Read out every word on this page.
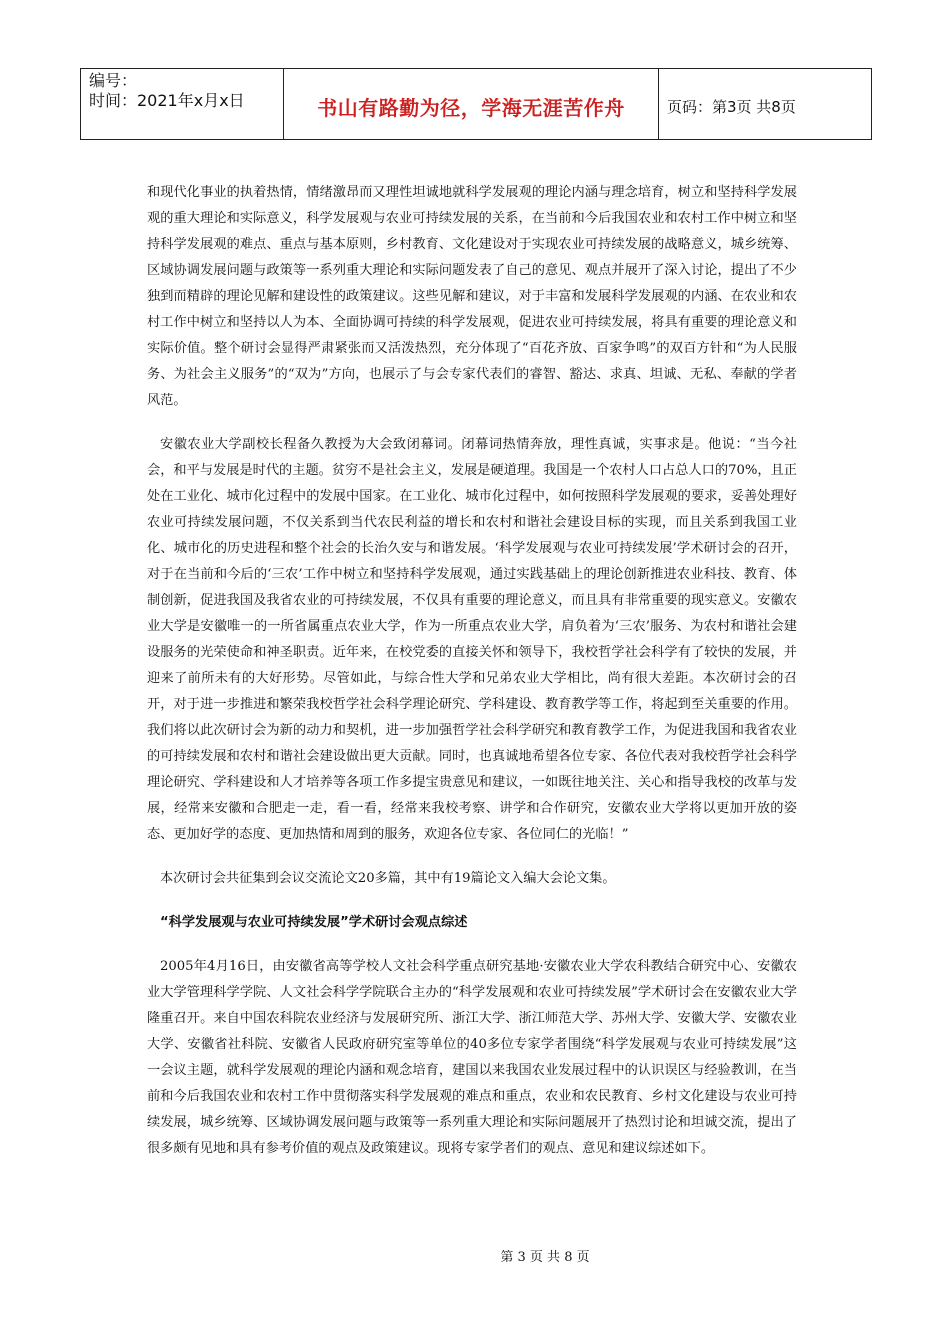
编号：
时间：2021年x月x日	书山有路勤为径，学海无涯苦作舟	页码：第3页 共8页

和现代化事业的执着热情，情绪激昂而又理性坦诚地就科学发展观的理论内涵与理念培育，树立和坚持科学发展观的重大理论和实际意义，科学发展观与农业可持续发展的关系，在当前和今后我国农业和农村工作中树立和坚持科学发展观的难点、重点与基本原则，乡村教育、文化建设对于实现农业可持续发展的战略意义，城乡统筹、区域协调发展问题与政策等一系列重大理论和实际问题发表了自己的意见、观点并展开了深入讨论，提出了不少独到而精辟的理论见解和建设性的政策建议。这些见解和建议，对于丰富和发展科学发展观的内涵、在农业和农村工作中树立和坚持以人为本、全面协调可持续的科学发展观，促进农业可持续发展，将具有重要的理论意义和实际价值。整个研讨会显得严肃紧张而又活泼热烈，充分体现了“百花齐放、百家争鸣”的双百方针和“为人民服务、为社会主义服务”的“双为”方向，也展示了与会专家代表们的睿智、豁达、求真、坦诚、无私、奉献的学者风范。

安徽农业大学副校长程备久教授为大会致闭幕词。闭幕词热情奔放，理性真诚，实事求是。他说：“当今社会，和平与发展是时代的主题。贫穷不是社会主义，发展是硬道理。我国是一个农村人口占总人口的70%，且正处在工业化、城市化过程中的发展中国家。在工业化、城市化过程中，如何按照科学发展观的要求，妥善处理好农业可持续发展问题，不仅关系到当代农民利益的增长和农村和谐社会建设目标的实现，而且关系到我国工业化、城市化的历史进程和整个社会的长治久安与和谐发展。‘科学发展观与农业可持续发展’学术研讨会的召开，对于在当前和今后的‘三农’工作中树立和坚持科学发展观，通过实践基础上的理论创新推进农业科技、教育、体制创新，促进我国及我省农业的可持续发展，不仅具有重要的理论意义，而且具有非常重要的现实意义。安徽农业大学是安徽唯一的一所省属重点农业大学，作为一所重点农业大学，肩负着为‘三农’服务、为农村和谐社会建设服务的光荣使命和神圣职责。近年来，在校党委的直接关怀和领导下，我校哲学社会科学有了较快的发展，并迎来了前所未有的大好形势。尽管如此，与综合性大学和兄弟农业大学相比，尚有很大差距。本次研讨会的召开，对于进一步推进和繁荣我校哲学社会科学理论研究、学科建设、教育教学等工作，将起到至关重要的作用。我们将以此次研讨会为新的动力和契机，进一步加强哲学社会科学研究和教育教学工作，为促进我国和我省农业的可持续发展和农村和谐社会建设做出更大贡献。同时，也真诚地希望各位专家、各位代表对我校哲学社会科学理论研究、学科建设和人才培养等各项工作多提宝贵意见和建议，一如既往地关注、关心和指导我校的改革与发展，经常来安徽和合肥走一走，看一看，经常来我校考察、讲学和合作研究，安徽农业大学将以更加开放的姿态、更加好学的态度、更加热情和周到的服务，欢迎各位专家、各位同仁的光临！”

本次研讨会共征集到会议交流论文20多篇，其中有19篇论文入编大会论文集。

“科学发展观与农业可持续发展”学术研讨会观点综述

2005年4月16日，由安徽省高等学校人文社会科学重点研究基地·安徽农业大学农科教结合研究中心、安徽农业大学管理科学学院、人文社会科学学院联合主办的“科学发展观和农业可持续发展”学术研讨会在安徽农业大学隆重召开。来自中国农科院农业经济与发展研究所、浙江大学、浙江师范大学、苏州大学、安徽大学、安徽农业大学、安徽省社科院、安徽省人民政府研究室等单位的40多位专家学者围绕“科学发展观与农业可持续发展”这一会议主题，就科学发展观的理论内涵和观念培育，建国以来我国农业发展过程中的认识误区与经验教训，在当前和今后我国农业和农村工作中贯彻落实科学发展观的难点和重点，农业和农民教育、乡村文化建设与农业可持续发展，城乡统筹、区域协调发展问题与政策等一系列重大理论和实际问题展开了热烈讨论和坦诚交流，提出了很多颇有见地和具有参考价值的观点及政策建议。现将专家学者们的观点、意见和建议综述如下。

第 3 页 共 8 页
